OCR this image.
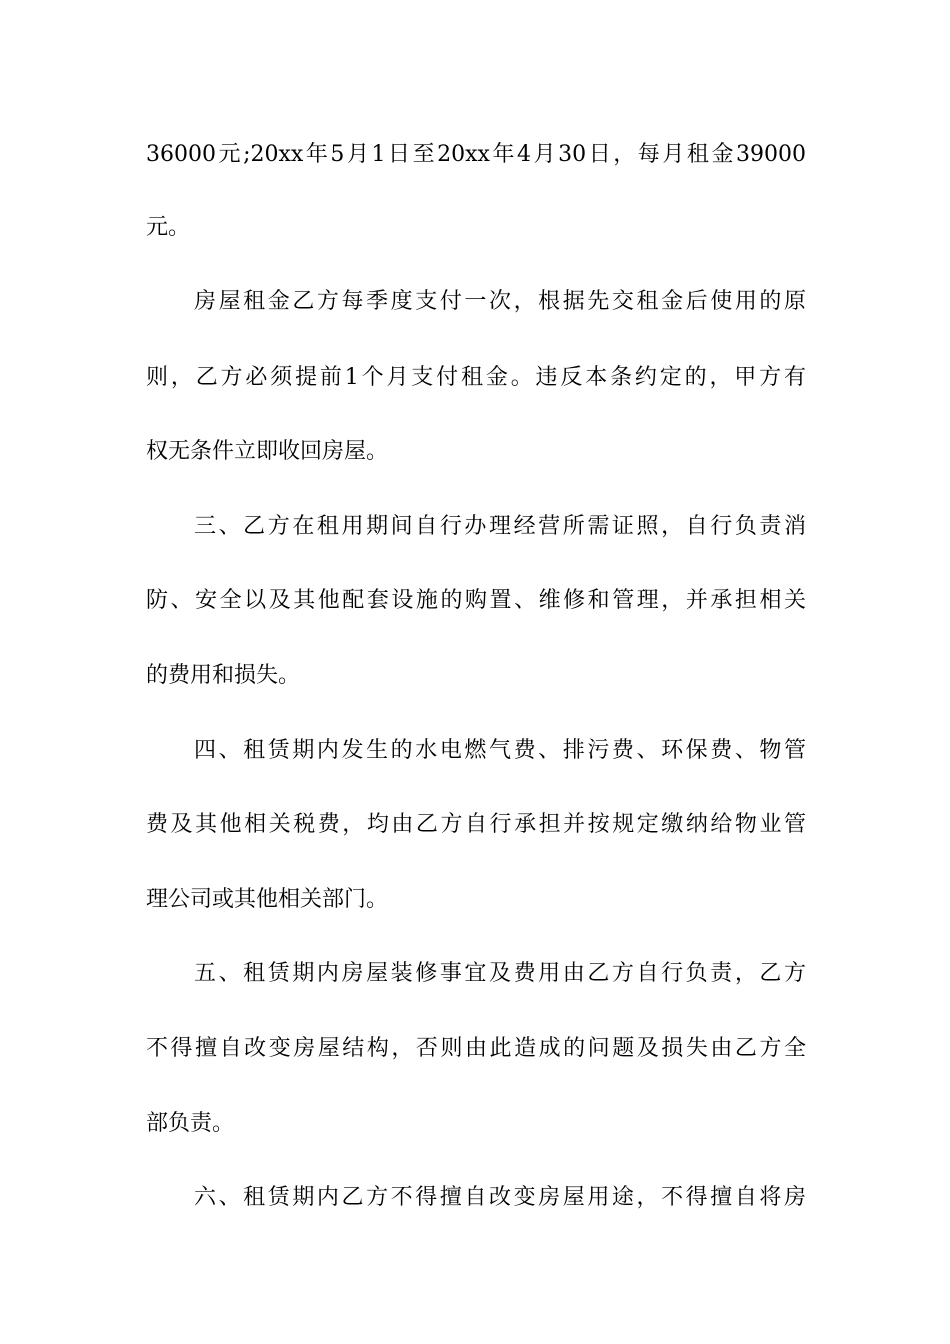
36000元;20xx年5月1日至20xx年4月30日，每月租金39000
元。
房屋租金乙方每季度支付一次，根据先交租金后使用的原
则，乙方必须提前1个月支付租金。违反本条约定的，甲方有
权无条件立即收回房屋。
三、乙方在租用期间自行办理经营所需证照，自行负责消
防、安全以及其他配套设施的购置、维修和管理，并承担相关
的费用和损失。
四、租赁期内发生的水电燃气费、排污费、环保费、物管
费及其他相关税费，均由乙方自行承担并按规定缴纳给物业管
理公司或其他相关部门。
五、租赁期内房屋装修事宜及费用由乙方自行负责，乙方
不得擅自改变房屋结构，否则由此造成的问题及损失由乙方全
部负责。
六、租赁期内乙方不得擅自改变房屋用途，不得擅自将房
